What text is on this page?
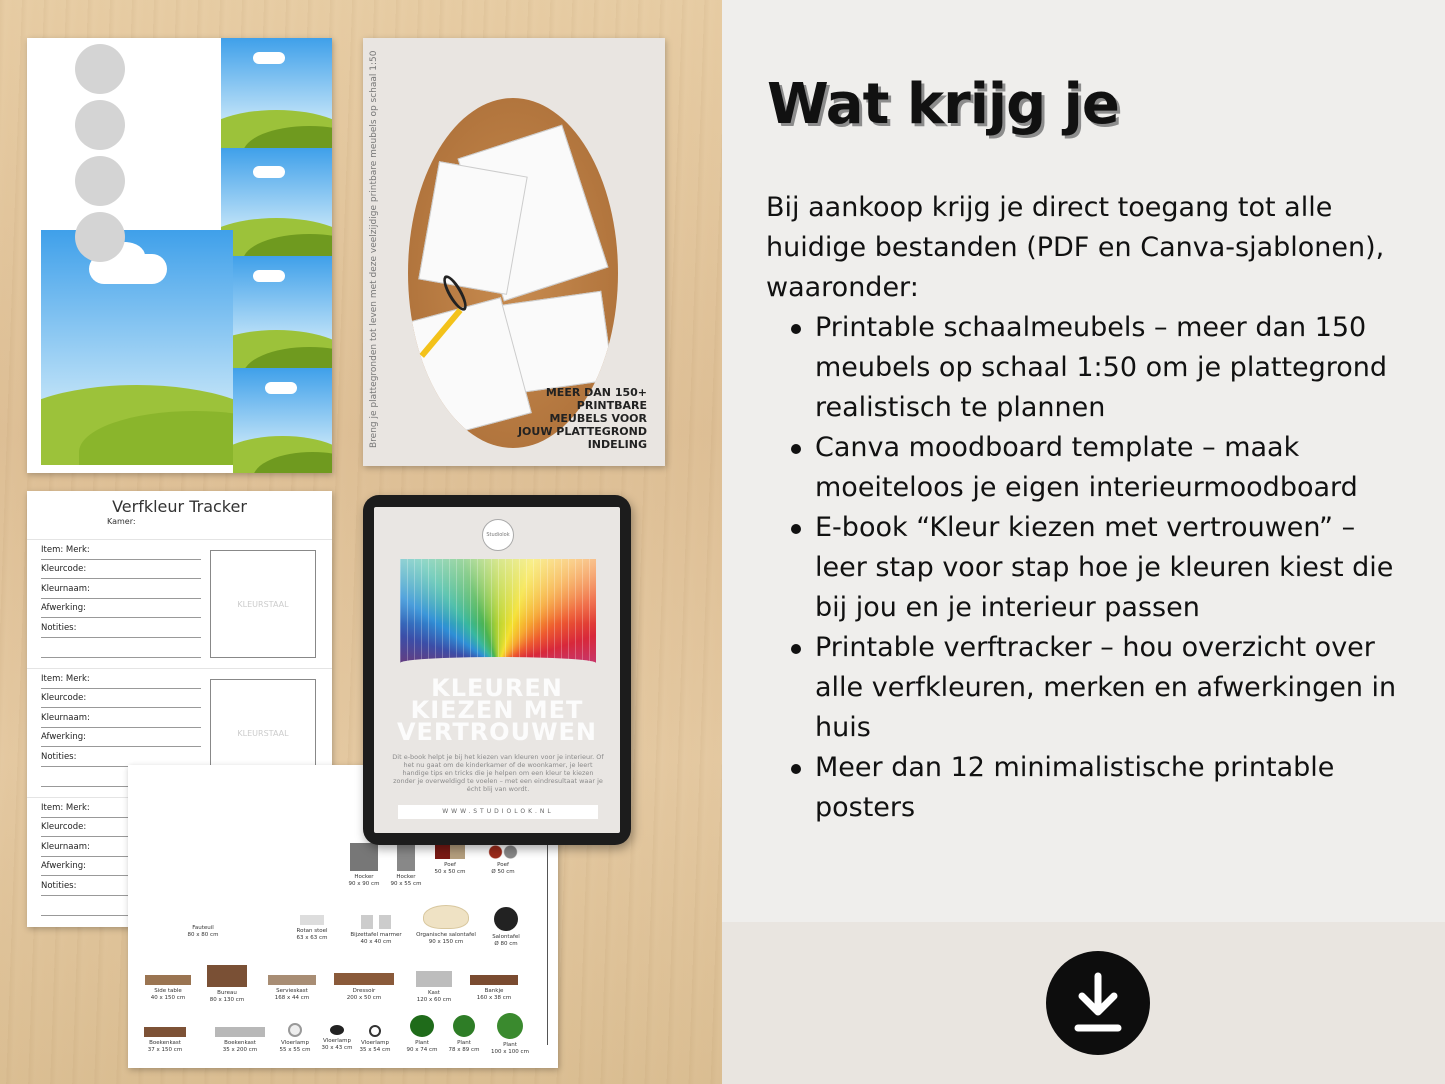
Breng je plattegronden tot leven met deze veelzijdige printbare meubels op schaal 1:50	MEER DAN 150+
PRINTBARE
MEUBELS VOOR
JOUW PLATTEGROND
INDELING
Verfkleur Tracker
Kamer:
Item: Merk:
Kleurcode:
Kleurnaam:
Afwerking:
Notities:
KLEURSTAAL
Item: Merk:
Kleurcode:
Kleurnaam:
Afwerking:
Notities:
KLEURSTAAL
Item: Merk:
Kleurcode:
Kleurnaam:
Afwerking:
Notities:
Hocker
90 x 90 cm
Hocker
90 x 55 cm
Poef
50 x 50 cm
Poef
Ø 50 cm
Fauteuil
80 x 80 cm
Rotan stoel
63 x 63 cm	Bijzettafel marmer
40 x 40 cm
Organische salontafel
90 x 150 cm
Salontafel
Ø 80 cm
Side table
40 x 150 cm
Bureau
80 x 130 cm
Servieskast
168 x 44 cm
Dressoir
200 x 50 cm
Kast
120 x 60 cm
Bankje
160 x 38 cm
Boekenkast
37 x 150 cm
Boekenkast
35 x 200 cm
Vloerlamp
55 x 55 cm
Vloerlamp
30 x 43 cm
Vloerlamp
35 x 54 cm
Plant
90 x 74 cm
Plant
78 x 89 cm
Plant
100 x 100 cm
Studiolok
KLEUREN
KIEZEN MET
VERTROUWEN
Dit e-book helpt je bij het kiezen van kleuren voor je interieur. Of het nu gaat om de kinderkamer of de woonkamer, je leert handige tips en tricks die je helpen om een kleur te kiezen zonder je overweldigd te voelen – met een eindresultaat waar je écht blij van wordt.
WWW.STUDIOLOK.NL
Wat krijg je

Bij aankoop krijg je direct toegang tot alle huidige bestanden (PDF en Canva-sjablonen), waaronder:

Printable schaalmeubels – meer dan 150 meubels op schaal 1:50 om je plattegrond realistisch te plannen
Canva moodboard template – maak moeiteloos je eigen interieurmoodboard
E-book “Kleur kiezen met vertrouwen” – leer stap voor stap hoe je kleuren kiest die bij jou en je interieur passen
Printable verftracker – hou overzicht over alle verfkleuren, merken en afwerkingen in huis
Meer dan 12 minimalistische printable posters
